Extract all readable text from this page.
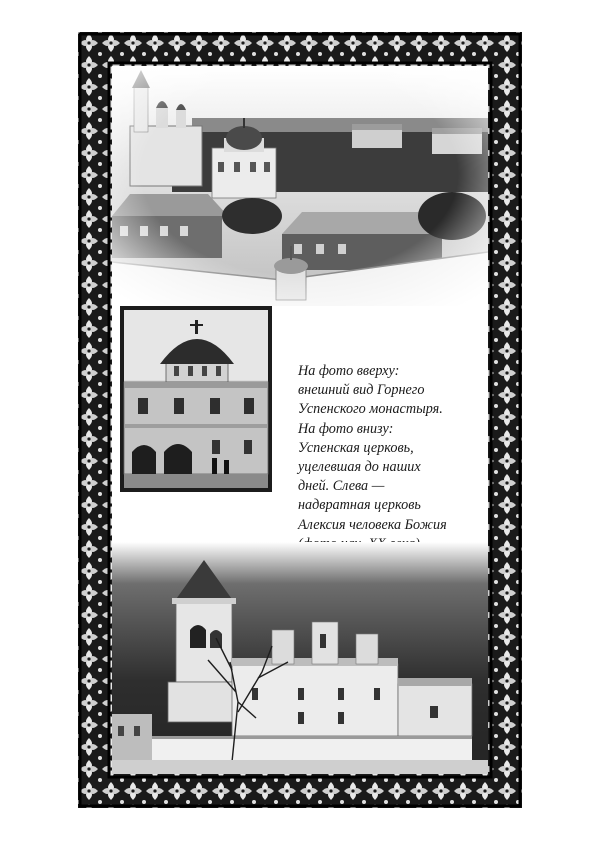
На фото вверху:
внешний вид Горнего
Успенского монастыря.
На фото внизу:
Успенская церковь,
уцелевшая до наших
дней. Слева —
надвратная церковь
Алексия человека Божия
